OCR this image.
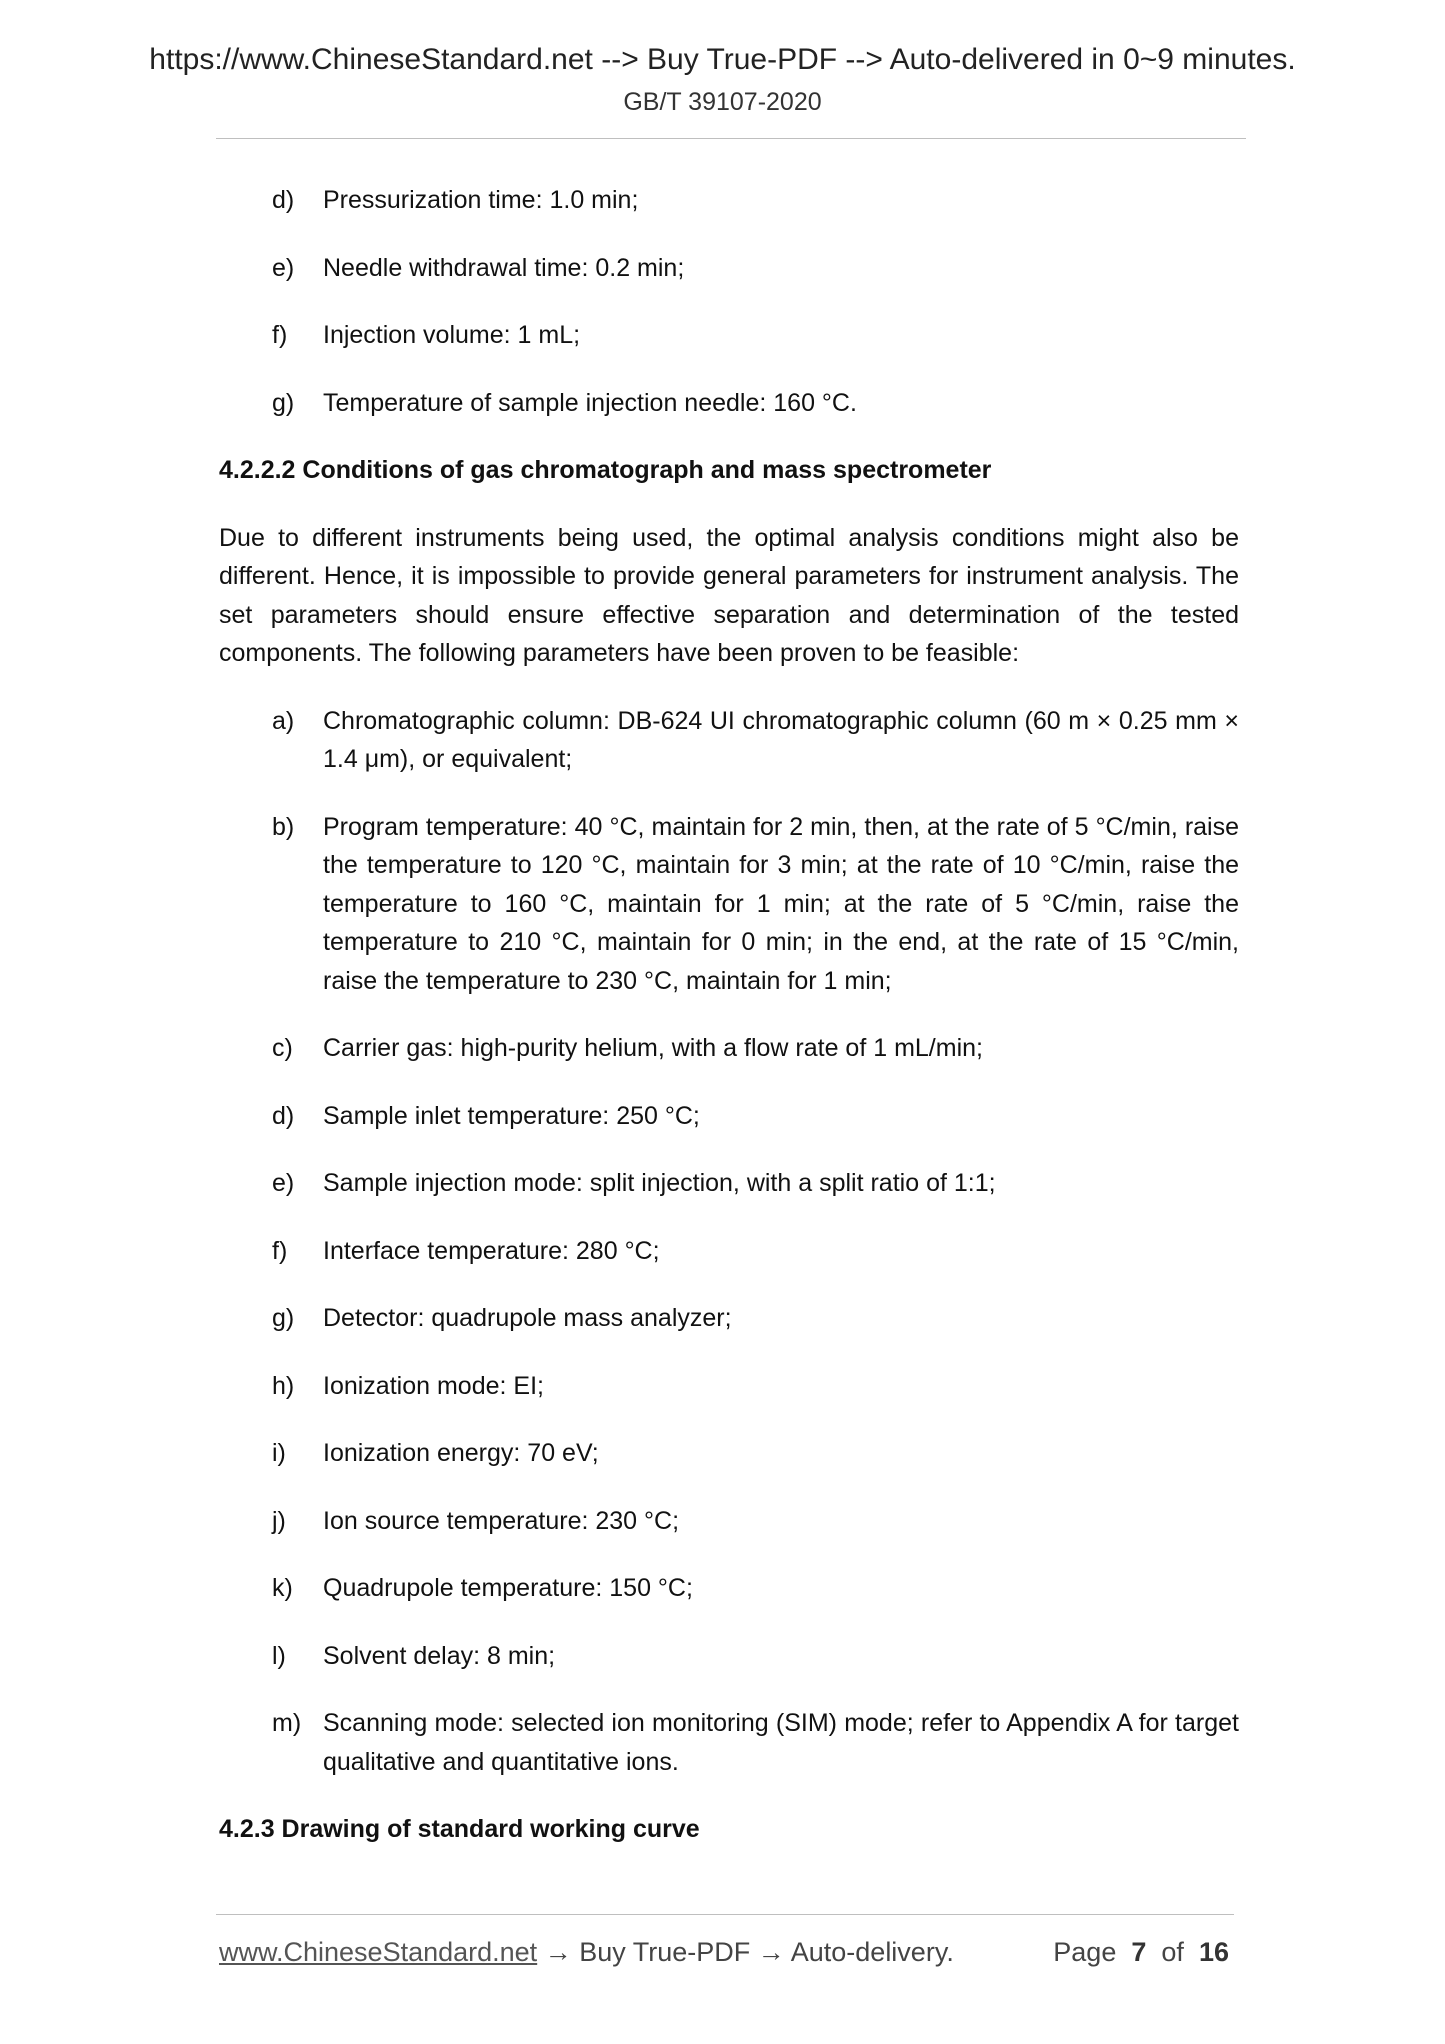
https://www.ChineseStandard.net --> Buy True-PDF --> Auto-delivered in 0~9 minutes.
GB/T 39107-2020
d) Pressurization time: 1.0 min;
e) Needle withdrawal time: 0.2 min;
f) Injection volume: 1 mL;
g) Temperature of sample injection needle: 160 °C.
4.2.2.2 Conditions of gas chromatograph and mass spectrometer
Due to different instruments being used, the optimal analysis conditions might also be different. Hence, it is impossible to provide general parameters for instrument analysis. The set parameters should ensure effective separation and determination of the tested components. The following parameters have been proven to be feasible:
a) Chromatographic column: DB-624 UI chromatographic column (60 m × 0.25 mm × 1.4 μm), or equivalent;
b) Program temperature: 40 °C, maintain for 2 min, then, at the rate of 5 °C/min, raise the temperature to 120 °C, maintain for 3 min; at the rate of 10 °C/min, raise the temperature to 160 °C, maintain for 1 min; at the rate of 5 °C/min, raise the temperature to 210 °C, maintain for 0 min; in the end, at the rate of 15 °C/min, raise the temperature to 230 °C, maintain for 1 min;
c) Carrier gas: high-purity helium, with a flow rate of 1 mL/min;
d) Sample inlet temperature: 250 °C;
e) Sample injection mode: split injection, with a split ratio of 1:1;
f) Interface temperature: 280 °C;
g) Detector: quadrupole mass analyzer;
h) Ionization mode: EI;
i) Ionization energy: 70 eV;
j) Ion source temperature: 230 °C;
k) Quadrupole temperature: 150 °C;
l) Solvent delay: 8 min;
m) Scanning mode: selected ion monitoring (SIM) mode; refer to Appendix A for target qualitative and quantitative ions.
4.2.3 Drawing of standard working curve
www.ChineseStandard.net → Buy True-PDF → Auto-delivery.	Page 7 of 16
